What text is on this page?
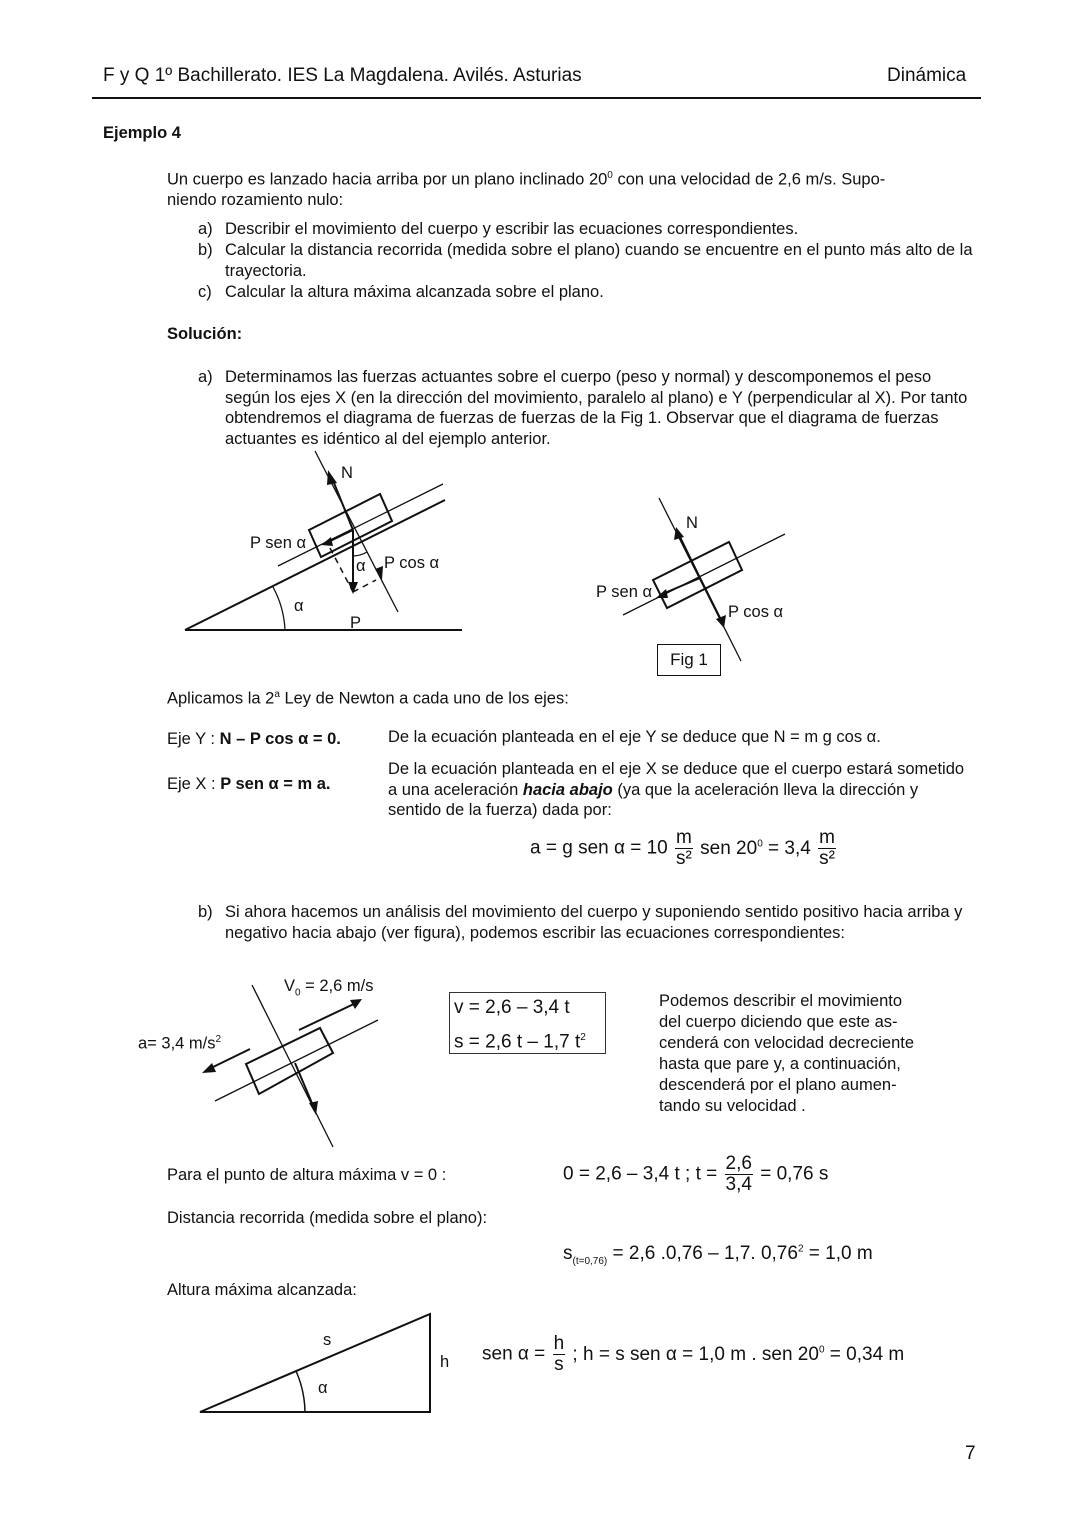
F y Q 1º Bachillerato. IES La Magdalena. Avilés. Asturias	Dinámica
Ejemplo 4
Un cuerpo es lanzado hacia arriba por un plano inclinado $20^0$ con una velocidad de 2,6 m/s. Supo-
niendo rozamiento nulo:
a) Describir el movimiento del cuerpo y escribir las ecuaciones correspondientes.
b) Calcular la distancia recorrida (medida sobre el plano) cuando se encuentre en el punto más alto de la trayectoria.
c) Calcular la altura máxima alcanzada sobre el plano.
Solución:
a) Determinamos las fuerzas actuantes sobre el cuerpo (peso y normal) y descomponemos el peso según los ejes X (en la dirección del movimiento, paralelo al plano) e Y (perpendicular al X). Por tanto obtendremos el diagrama de fuerzas de fuerzas de la Fig 1. Observar que el diagrama de fuerzas actuantes es idéntico al del ejemplo anterior.
N
P sen α
α P cos α
α
P
N
P sen α
P cos α
Fig 1
Aplicamos la 2$^a$ Ley de Newton a cada uno de los ejes:
Eje Y : N – P cos α = 0.	De la ecuación planteada en el eje Y se deduce que N = m g cos α.
Eje X : P sen α = m a.
De la ecuación planteada en el eje X se deduce que el cuerpo estará sometido a una aceleración hacia abajo (ya que la aceleración lleva la dirección y sentido de la fuerza) dada por:
a = g sen $\alpha = 10 \frac{m}{\text{s²}}$ sen $20^0 = 3,4 \frac{m}{\text{s²}}$
b) Si ahora hacemos un análisis del movimiento del cuerpo y suponiendo sentido positivo hacia arriba y negativo hacia abajo (ver figura), podemos escribir las ecuaciones correspondientes:
$V_0 = 2,6$ m/s
a= 3,4 $m/s^2$
v = 2,6 – 3,4 t
s = 2,6 t – 1,7 $t^2$
Podemos describir el movimiento
del cuerpo diciendo que este as-
cenderá con velocidad decreciente
hasta que pare y, a continuación,
descenderá por el plano aumen-
tando su velocidad .
Para el punto de altura máxima v = 0 :	0 = 2,6 – 3,4 t ; $t = \frac{2,6}{3,4} = 0,76$ s
Distancia recorrida (medida sobre el plano):
$s_{(t=0,76)} = 2,6$ .0,76 – 1,7. $0,76^2 = 1,0$ m
Altura máxima alcanzada:
s
α
h sen $\alpha = \frac{h}{s}$ ; h = s sen α = 1,0 m . sen $20^0 = 0,34$ m
7
